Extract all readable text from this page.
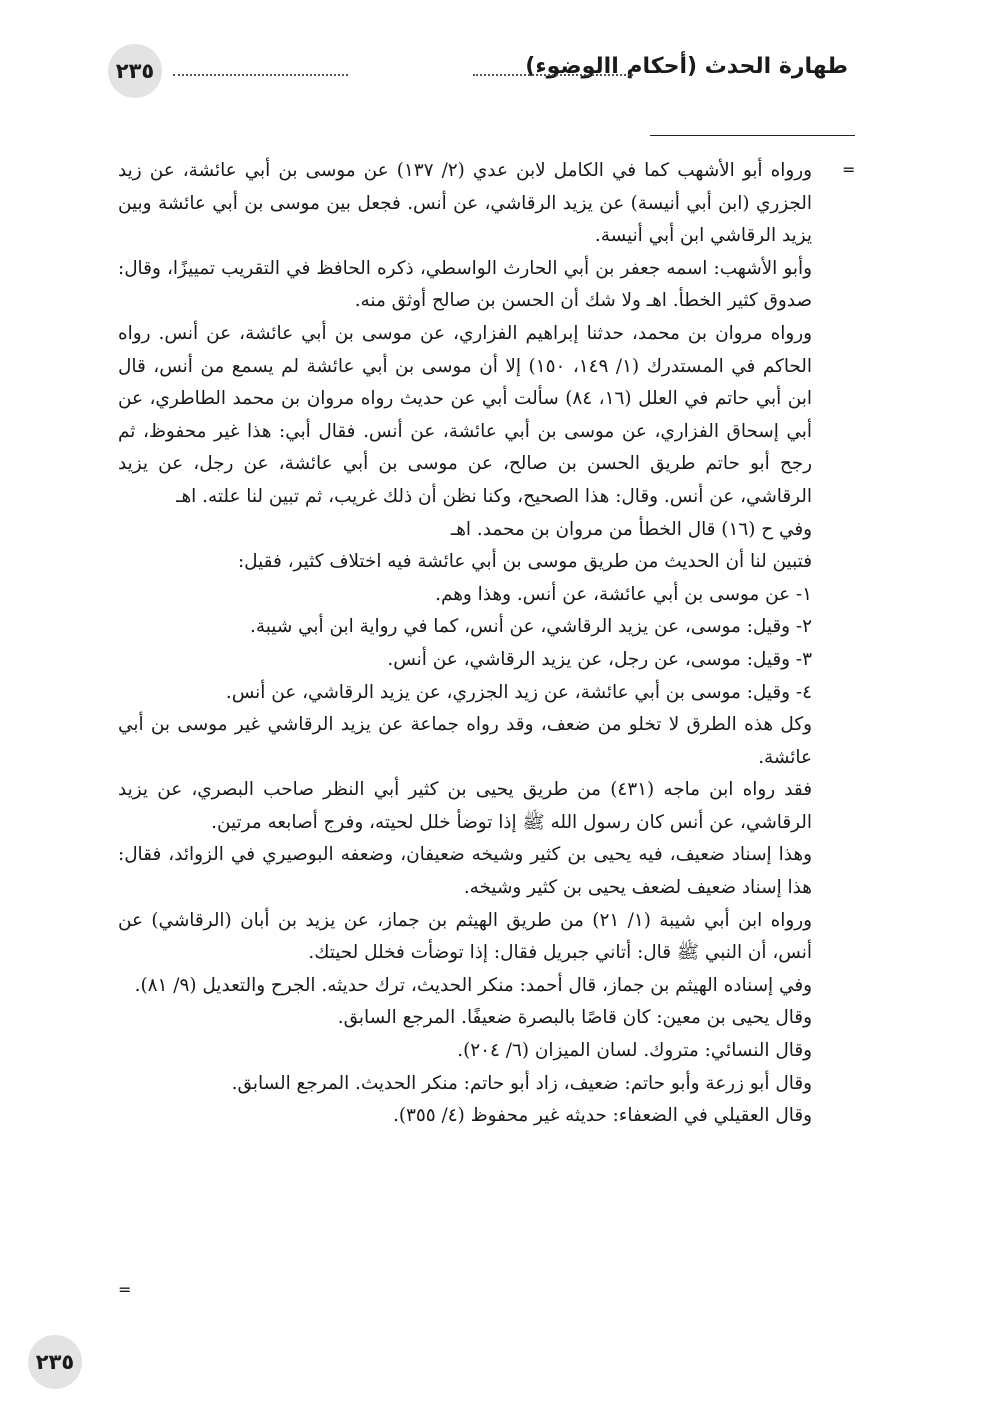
طهارة الحدث (أحكام االوضوء)
٢٣٥
=

ورواه أبو الأشهب كما في الكامل لابن عدي (٢/ ١٣٧) عن موسى بن أبي عائشة، عن زيد الجزري (ابن أبي أنيسة) عن يزيد الرقاشي، عن أنس. فجعل بين موسى بن أبي عائشة وبين يزيد الرقاشي ابن أبي أنيسة.

وأبو الأشهب: اسمه جعفر بن أبي الحارث الواسطي، ذكره الحافظ في التقريب تمييزًا، وقال: صدوق كثير الخطأ. اهـ ولا شك أن الحسن بن صالح أوثق منه.

ورواه مروان بن محمد، حدثنا إبراهيم الفزاري، عن موسى بن أبي عائشة، عن أنس. رواه الحاكم في المستدرك (١/ ١٤٩، ١٥٠) إلا أن موسى بن أبي عائشة لم يسمع من أنس، قال ابن أبي حاتم في العلل (١٦، ٨٤) سألت أبي عن حديث رواه مروان بن محمد الطاطري، عن أبي إسحاق الفزاري، عن موسى بن أبي عائشة، عن أنس. فقال أبي: هذا غير محفوظ، ثم رجح أبو حاتم طريق الحسن بن صالح، عن موسى بن أبي عائشة، عن رجل، عن يزيد الرقاشي، عن أنس. وقال: هذا الصحيح، وكنا نظن أن ذلك غريب، ثم تبين لنا علته. اهـ

وفي ح (١٦) قال الخطأ من مروان بن محمد. اهـ

فتبين لنا أن الحديث من طريق موسى بن أبي عائشة فيه اختلاف كثير، فقيل:

١- عن موسى بن أبي عائشة، عن أنس. وهذا وهم.

٢- وقيل: موسى، عن يزيد الرقاشي، عن أنس، كما في رواية ابن أبي شيبة.

٣- وقيل: موسى، عن رجل، عن يزيد الرقاشي، عن أنس.

٤- وقيل: موسى بن أبي عائشة، عن زيد الجزري، عن يزيد الرقاشي، عن أنس.

وكل هذه الطرق لا تخلو من ضعف، وقد رواه جماعة عن يزيد الرقاشي غير موسى بن أبي عائشة.

فقد رواه ابن ماجه (٤٣١) من طريق يحيى بن كثير أبي النظر صاحب البصري، عن يزيد الرقاشي، عن أنس كان رسول الله ﷺ إذا توضأ خلل لحيته، وفرج أصابعه مرتين.

وهذا إسناد ضعيف، فيه يحيى بن كثير وشيخه ضعيفان، وضعفه البوصيري في الزوائد، فقال: هذا إسناد ضعيف لضعف يحيى بن كثير وشيخه.

ورواه ابن أبي شيبة (١/ ٢١) من طريق الهيثم بن جماز، عن يزيد بن أبان (الرقاشي) عن أنس، أن النبي ﷺ قال: أتاني جبريل فقال: إذا توضأت فخلل لحيتك.

وفي إسناده الهيثم بن جماز، قال أحمد: منكر الحديث، ترك حديثه. الجرح والتعديل (٩/ ٨١).

وقال يحيى بن معين: كان قاصًا بالبصرة ضعيفًا. المرجع السابق.

وقال النسائي: متروك. لسان الميزان (٦/ ٢٠٤).

وقال أبو زرعة وأبو حاتم: ضعيف، زاد أبو حاتم: منكر الحديث. المرجع السابق.

وقال العقيلي في الضعفاء: حديثه غير محفوظ (٤/ ٣٥٥).

=
٢٣٥
